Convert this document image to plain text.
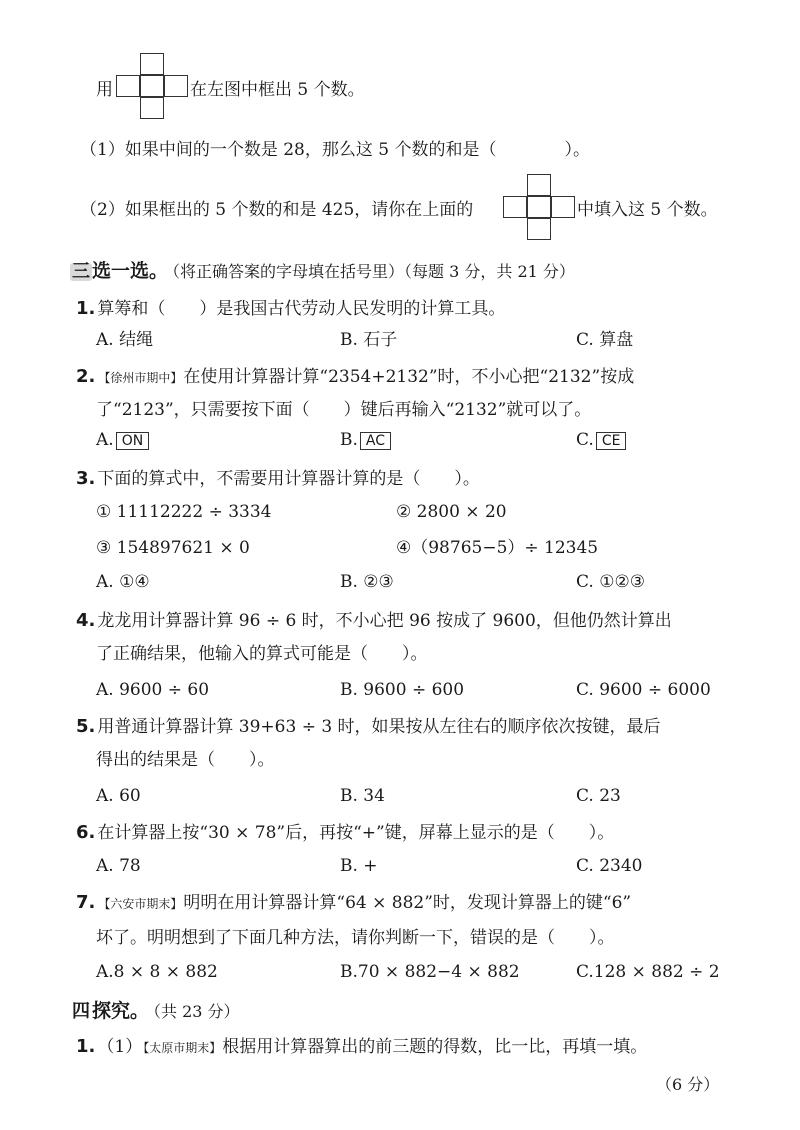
用	在左图中框出 5 个数。
（1）如果中间的一个数是 28，那么这 5 个数的和是（　　　　）。
（2）如果框出的 5 个数的和是 425，请你在上面的	中填入这 5 个数。
三 选一选。 （将正确答案的字母填在括号里）（每题 3 分，共 21 分）
1. 算筹和（　　）是我国古代劳动人民发明的计算工具。
A. 结绳	B. 石子	C. 算盘
2. 【徐州市期中】在使用计算器计算“2354+2132”时，不小心把“2132”按成
了“2123”，只需要按下面（　　）键后再输入“2132”就可以了。
A. ON	B. AC	C. CE
3. 下面的算式中，不需要用计算器计算的是（　　）。
① 11112222 ÷ 3334	② 2800 × 20
③ 154897621 × 0	④（98765−5）÷ 12345
A. ①④	B. ②③	C. ①②③
4. 龙龙用计算器计算 96 ÷ 6 时，不小心把 96 按成了 9600，但他仍然计算出
了正确结果，他输入的算式可能是（　　）。
A. 9600 ÷ 60	B. 9600 ÷ 600	C. 9600 ÷ 6000
5. 用普通计算器计算 39+63 ÷ 3 时，如果按从左往右的顺序依次按键，最后
得出的结果是（　　）。
A. 60	B. 34	C. 23
6. 在计算器上按“30 × 78”后，再按“+”键，屏幕上显示的是（　　）。
A. 78	B. +	C. 2340
7. 【六安市期末】明明在用计算器计算“64 × 882”时，发现计算器上的键“6”
坏了。明明想到了下面几种方法，请你判断一下，错误的是（　　）。
A.8 × 8 × 882	B.70 × 882−4 × 882	C.128 × 882 ÷ 2
四 探究。 （共 23 分）
1. （1）【太原市期末】根据用计算器算出的前三题的得数，比一比，再填一填。
（6 分）
